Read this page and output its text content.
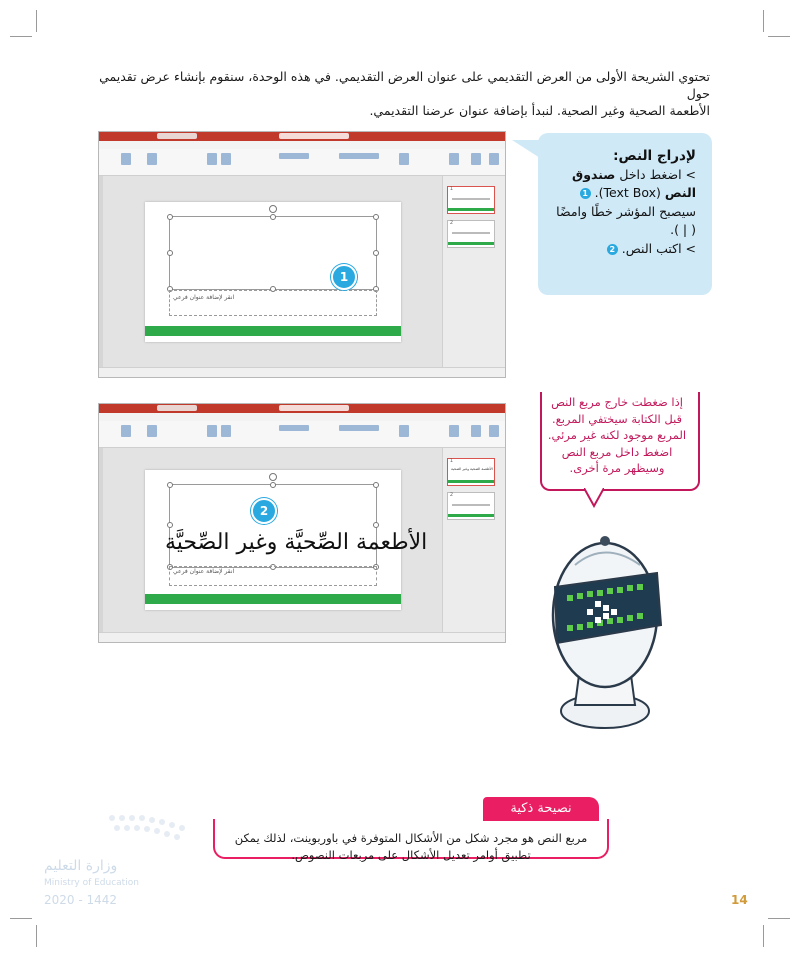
تحتوي الشريحة الأولى من العرض التقديمي على عنوان العرض التقديمي. في هذه الوحدة، سنقوم بإنشاء عرض تقديمي حول
الأطعمة الصحية وغير الصحية. لنبدأ بإضافة عنوان عرضنا التقديمي.
انقر لإضافة عنوان فرعي
1
1
2
الأطعمة الصِّحيَّة وغير الصِّحيَّة
2
انقر لإضافة عنوان فرعي
الأطعمة الصحية وغير الصحية
1
2
لإدراج النص:
> اضغط داخل صندوق النص (Text Box). 1 سيصبح المؤشر خطًا وامضًا ( | ).
> اكتب النص. 2
إذا ضغطت خارج مربع النص قبل الكتابة سيختفي المربع. المربع موجود لكنه غير مرئي. اضغط داخل مربع النص وسيظهر مرة أخرى.
نصيحة ذكية
مربع النص هو مجرد شكل من الأشكال المتوفرة في باوربوينت، لذلك يمكن
تطبيق أوامر تعديل الأشكال على مربعات النصوص.
وزارة التعليم
Ministry of Education
2020 - 1442	14
